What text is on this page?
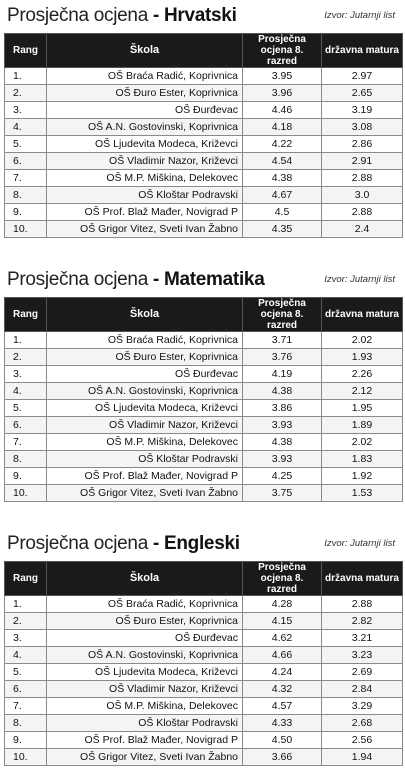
Prosječna ocjena - Hrvatski	Izvor: Jutarnji list
Rang	Škola	Prosječna
ocjena 8. razred	državna matura
1.	OŠ Braća Radić, Koprivnica	3.95	2.97
2.	OŠ Đuro Ester, Koprivnica	3.96	2.65
3.	OŠ Đurđevac	4.46	3.19
4.	OŠ A.N. Gostovinski, Koprivnica	4.18	3.08
5.	OŠ Ljudevita Modeca, Križevci	4.22	2.86
6.	OŠ Vladimir Nazor, Križevci	4.54	2.91
7.	OŠ M.P. Miškina, Delekovec	4.38	2.88
8.	OŠ Kloštar Podravski	4.67	3.0
9.	OŠ Prof. Blaž Mađer, Novigrad P	4.5	2.88
10.	OŠ Grigor Vitez, Sveti Ivan Žabno	4.35	2.4
Prosječna ocjena - Matematika	Izvor: Jutarnji list
Rang	Škola	Prosječna
ocjena 8. razred	državna matura
1.	OŠ Braća Radić, Koprivnica	3.71	2.02
2.	OŠ Đuro Ester, Koprivnica	3.76	1.93
3.	OŠ Đurđevac	4.19	2.26
4.	OŠ A.N. Gostovinski, Koprivnica	4.38	2.12
5.	OŠ Ljudevita Modeca, Križevci	3.86	1.95
6.	OŠ Vladimir Nazor, Križevci	3.93	1.89
7.	OŠ M.P. Miškina, Delekovec	4.38	2.02
8.	OŠ Kloštar Podravski	3.93	1.83
9.	OŠ Prof. Blaž Mađer, Novigrad P	4.25	1.92
10.	OŠ Grigor Vitez, Sveti Ivan Žabno	3.75	1.53
Prosječna ocjena - Engleski	Izvor: Jutarnji list
Rang	Škola	Prosječna
ocjena 8. razred	državna matura
1.	OŠ Braća Radić, Koprivnica	4.28	2.88
2.	OŠ Đuro Ester, Koprivnica	4.15	2.82
3.	OŠ Đurđevac	4.62	3.21
4.	OŠ A.N. Gostovinski, Koprivnica	4.66	3.23
5.	OŠ Ljudevita Modeca, Križevci	4.24	2.69
6.	OŠ Vladimir Nazor, Križevci	4.32	2.84
7.	OŠ M.P. Miškina, Delekovec	4.57	3.29
8.	OŠ Kloštar Podravski	4.33	2.68
9.	OŠ Prof. Blaž Mađer, Novigrad P	4.50	2.56
10.	OŠ Grigor Vitez, Sveti Ivan Žabno	3.66	1.94
